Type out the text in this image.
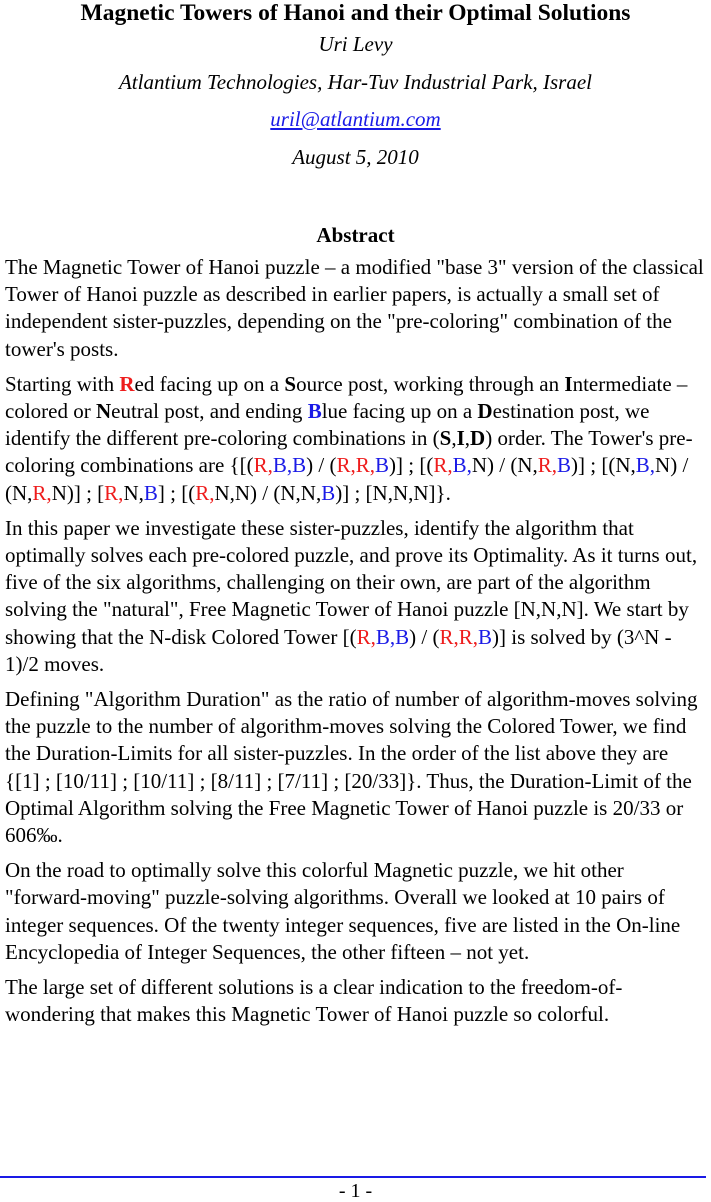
Magnetic Towers of Hanoi and their Optimal Solutions

Uri Levy

Atlantium Technologies, Har-Tuv Industrial Park, Israel

uril@atlantium.com

August 5, 2010

Abstract

The Magnetic Tower of Hanoi puzzle – a modified "base 3" version of the classical Tower of Hanoi puzzle as described in earlier papers, is actually a small set of independent sister-puzzles, depending on the "pre-coloring" combination of the tower's posts.

Starting with Red facing up on a Source post, working through an Intermediate – colored or Neutral post, and ending Blue facing up on a Destination post, we identify the different pre-coloring combinations in (S,I,D) order. The Tower's pre-coloring combinations are {[(R,B,B) / (R,R,B)] ; [(R,B,N) / (N,R,B)] ; [(N,B,N) / (N,R,N)] ; [R,N,B] ; [(R,N,N) / (N,N,B)] ; [N,N,N]}.

In this paper we investigate these sister-puzzles, identify the algorithm that optimally solves each pre-colored puzzle, and prove its Optimality. As it turns out, five of the six algorithms, challenging on their own, are part of the algorithm solving the "natural", Free Magnetic Tower of Hanoi puzzle [N,N,N]. We start by showing that the N-disk Colored Tower [(R,B,B) / (R,R,B)] is solved by (3^N - 1)/2 moves.

Defining "Algorithm Duration" as the ratio of number of algorithm-moves solving the puzzle to the number of algorithm-moves solving the Colored Tower, we find the Duration-Limits for all sister-puzzles. In the order of the list above they are {[1] ; [10/11] ; [10/11] ; [8/11] ; [7/11] ; [20/33]}. Thus, the Duration-Limit of the Optimal Algorithm solving the Free Magnetic Tower of Hanoi puzzle is 20/33 or 606‰.

On the road to optimally solve this colorful Magnetic puzzle, we hit other "forward-moving" puzzle-solving algorithms. Overall we looked at 10 pairs of integer sequences. Of the twenty integer sequences, five are listed in the On-line Encyclopedia of Integer Sequences, the other fifteen – not yet.

The large set of different solutions is a clear indication to the freedom-of-wondering that makes this Magnetic Tower of Hanoi puzzle so colorful.

- 1 -
